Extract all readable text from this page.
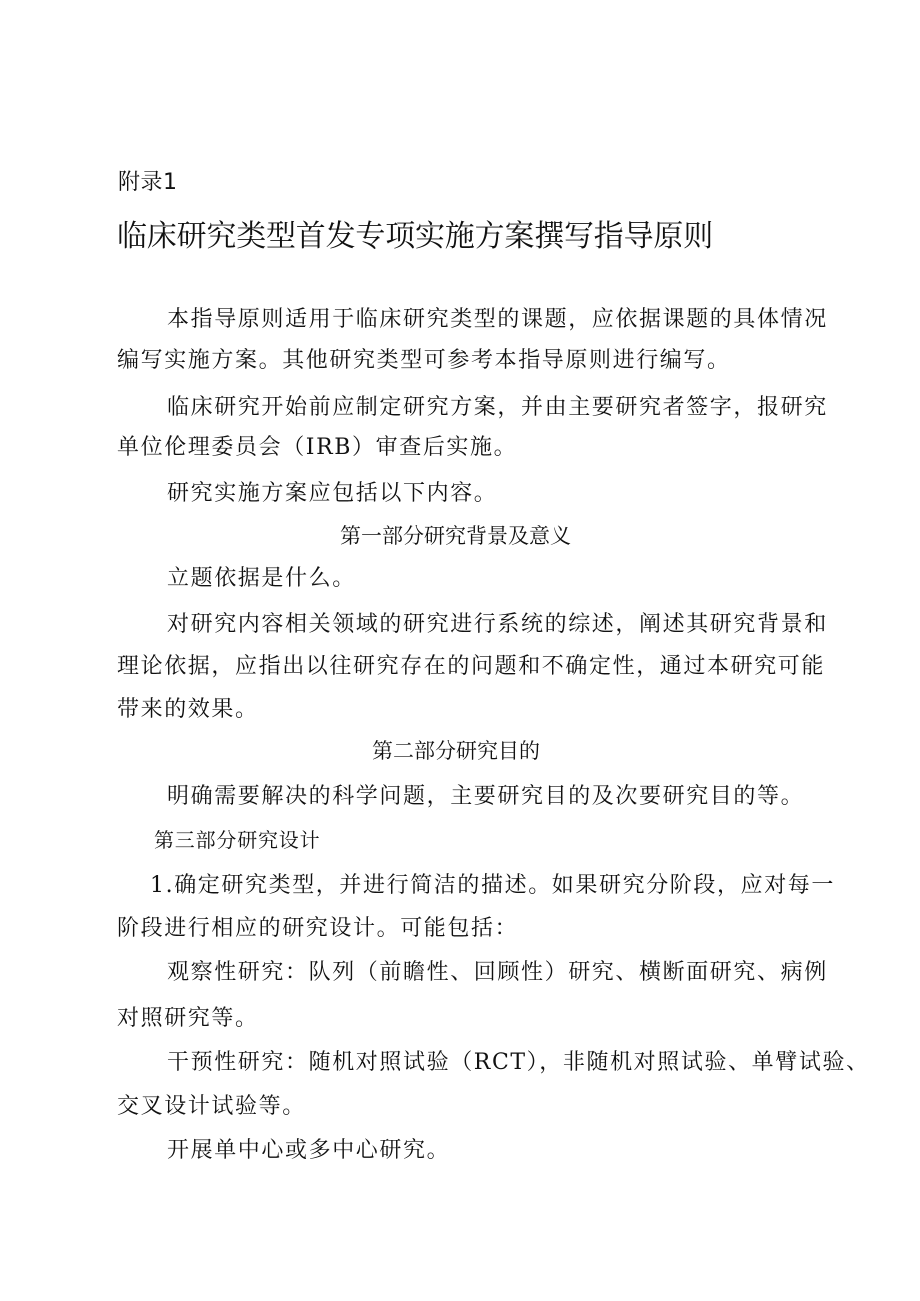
附录1
临床研究类型首发专项实施方案撰写指导原则
本指导原则适用于临床研究类型的课题，应依据课题的具体情况
编写实施方案。其他研究类型可参考本指导原则进行编写。
临床研究开始前应制定研究方案，并由主要研究者签字，报研究
单位伦理委员会（IRB）审查后实施。
研究实施方案应包括以下内容。
第一部分研究背景及意义
立题依据是什么。
对研究内容相关领域的研究进行系统的综述，阐述其研究背景和
理论依据，应指出以往研究存在的问题和不确定性，通过本研究可能
带来的效果。
第二部分研究目的
明确需要解决的科学问题，主要研究目的及次要研究目的等。
第三部分研究设计
1.确定研究类型，并进行简洁的描述。如果研究分阶段，应对每一
阶段进行相应的研究设计。可能包括：
观察性研究：队列（前瞻性、回顾性）研究、横断面研究、病例
对照研究等。
干预性研究：随机对照试验（RCT），非随机对照试验、单臂试验、
交叉设计试验等。
开展单中心或多中心研究。
